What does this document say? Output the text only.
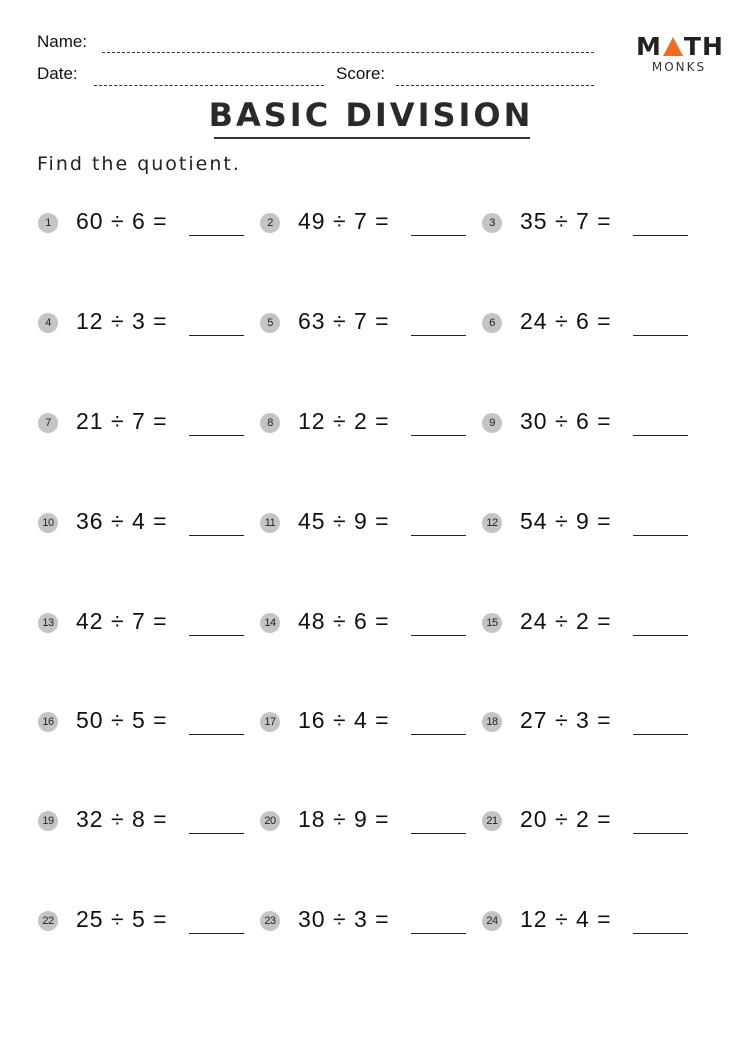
Name:
Date:	Score:
M TH
MONKS
BASIC DIVISION
Find the quotient.
1	60 ÷ 6 =	2	49 ÷ 7 =	3	35 ÷ 7 =
4	12 ÷ 3 =	5	63 ÷ 7 =	6	24 ÷ 6 =
7	21 ÷ 7 =	8	12 ÷ 2 =	9	30 ÷ 6 =
10 36 ÷ 4 =	11 45 ÷ 9 =	12 54 ÷ 9 =
13 42 ÷ 7 =	14 48 ÷ 6 =	15 24 ÷ 2 =
16 50 ÷ 5 =	17 16 ÷ 4 =	18 27 ÷ 3 =
19 32 ÷ 8 =	20 18 ÷ 9 =	21 20 ÷ 2 =
22 25 ÷ 5 =	23 30 ÷ 3 =	24 12 ÷ 4 =
